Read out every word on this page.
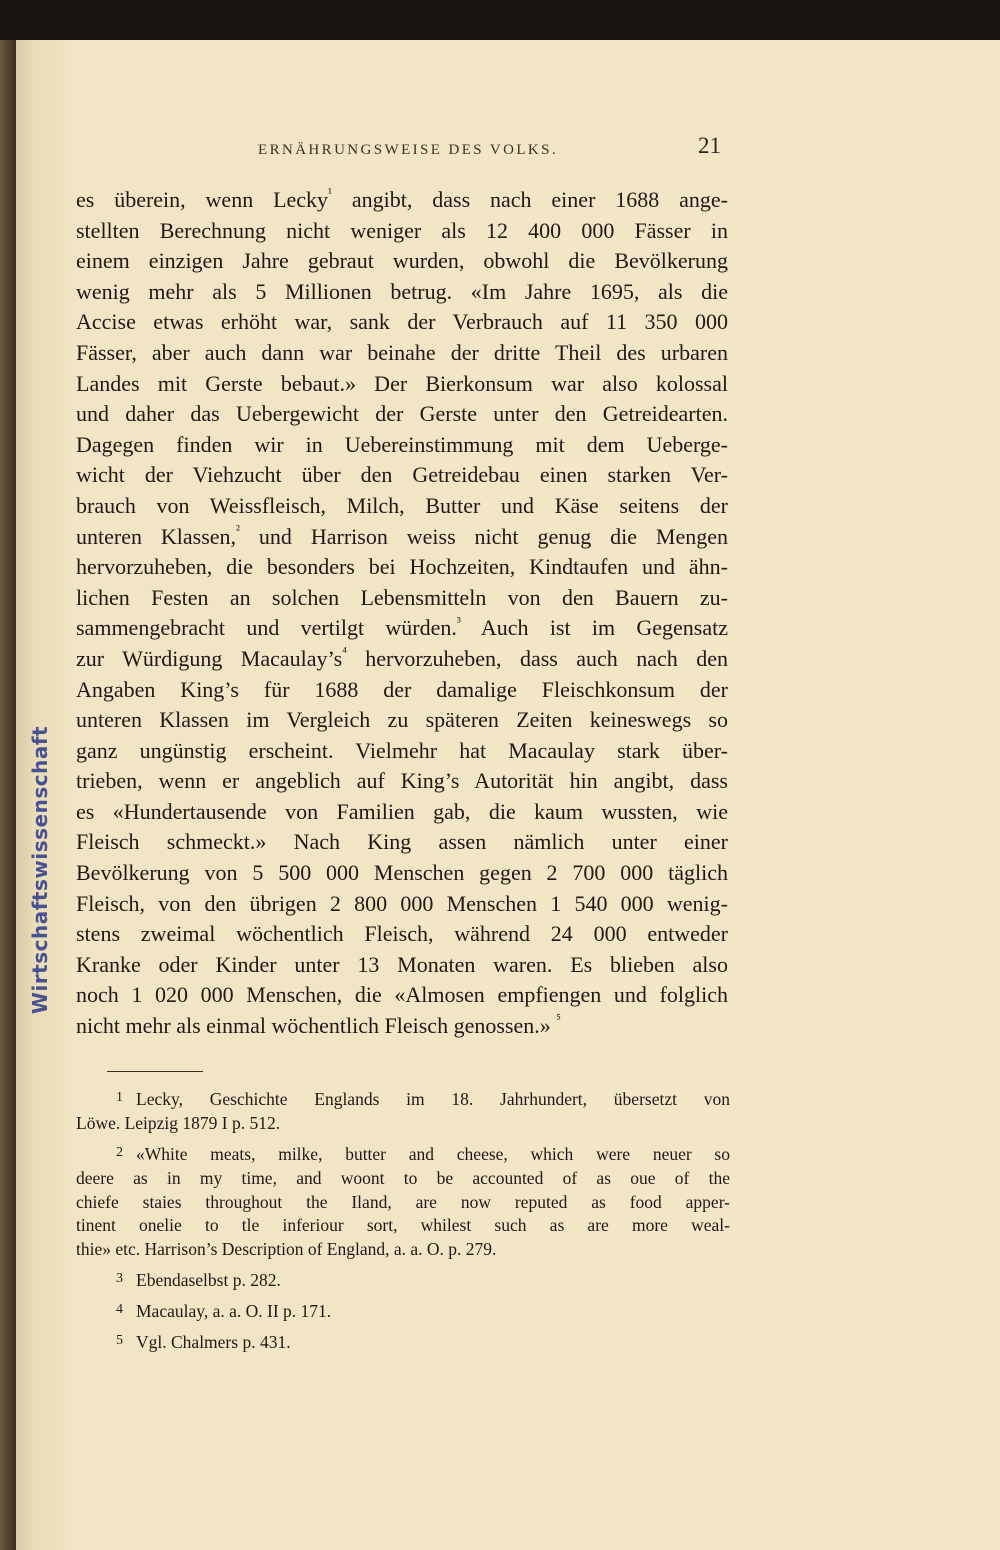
Wirtschaftswissenschaft
ERNÄHRUNGSWEISE DES VOLKS.	21
es überein, wenn Lecky$^{^1}$ angibt, dass nach einer 1688 ange-
stellten Berechnung nicht weniger als 12 400 000 Fässer in
einem einzigen Jahre gebraut wurden, obwohl die Bevölkerung
wenig mehr als 5 Millionen betrug. «Im Jahre 1695, als die
Accise etwas erhöht war, sank der Verbrauch auf 11 350 000
Fässer, aber auch dann war beinahe der dritte Theil des urbaren
Landes mit Gerste bebaut.» Der Bierkonsum war also kolossal
und daher das Uebergewicht der Gerste unter den Getreidearten.
Dagegen finden wir in Uebereinstimmung mit dem Ueberge-
wicht der Viehzucht über den Getreidebau einen starken Ver-
brauch von Weissfleisch, Milch, Butter und Käse seitens der
unteren Klassen,$^{^2}$ und Harrison weiss nicht genug die Mengen
hervorzuheben, die besonders bei Hochzeiten, Kindtaufen und ähn-
lichen Festen an solchen Lebensmitteln von den Bauern zu-
sammengebracht und vertilgt würden.$^{^3}$ Auch ist im Gegensatz
zur Würdigung $Macaulay’s^{^4}$ hervorzuheben, dass auch nach den
Angaben King’s für 1688 der damalige Fleischkonsum der
unteren Klassen im Vergleich zu späteren Zeiten keineswegs so
ganz ungünstig erscheint. Vielmehr hat Macaulay stark über-
trieben, wenn er angeblich auf King’s Autorität hin angibt, dass
es «Hundertausende von Familien gab, die kaum wussten, wie
Fleisch schmeckt.» Nach King assen nämlich unter einer
Bevölkerung von 5 500 000 Menschen gegen 2 700 000 täglich
Fleisch, von den übrigen 2 800 000 Menschen 1 540 000 wenig-
stens zweimal wöchentlich Fleisch, während 24 000 entweder
Kranke oder Kinder unter 13 Monaten waren. Es blieben also
noch 1 020 000 Menschen, die «Almosen empfiengen und folglich
nicht mehr als einmal wöchentlich Fleisch genossen.» $^{^5}$
1 Lecky, Geschichte Englands im 18. Jahrhundert, übersetzt von
Löwe. Leipzig 1879 I p. 512.
2 «White meats, milke, butter and cheese, which were neuer so
deere as in my time, and woont to be accounted of as oue of the
chiefe staies throughout the Iland, are now reputed as food apper-
tinent onelie to tle inferiour sort, whilest such as are more weal-
thie» etc. Harrison’s Description of England, a. a. O. p. 279.
3 Ebendaselbst p. 282.
4 Macaulay, a. a. O. II p. 171.
5 Vgl. Chalmers p. 431.
